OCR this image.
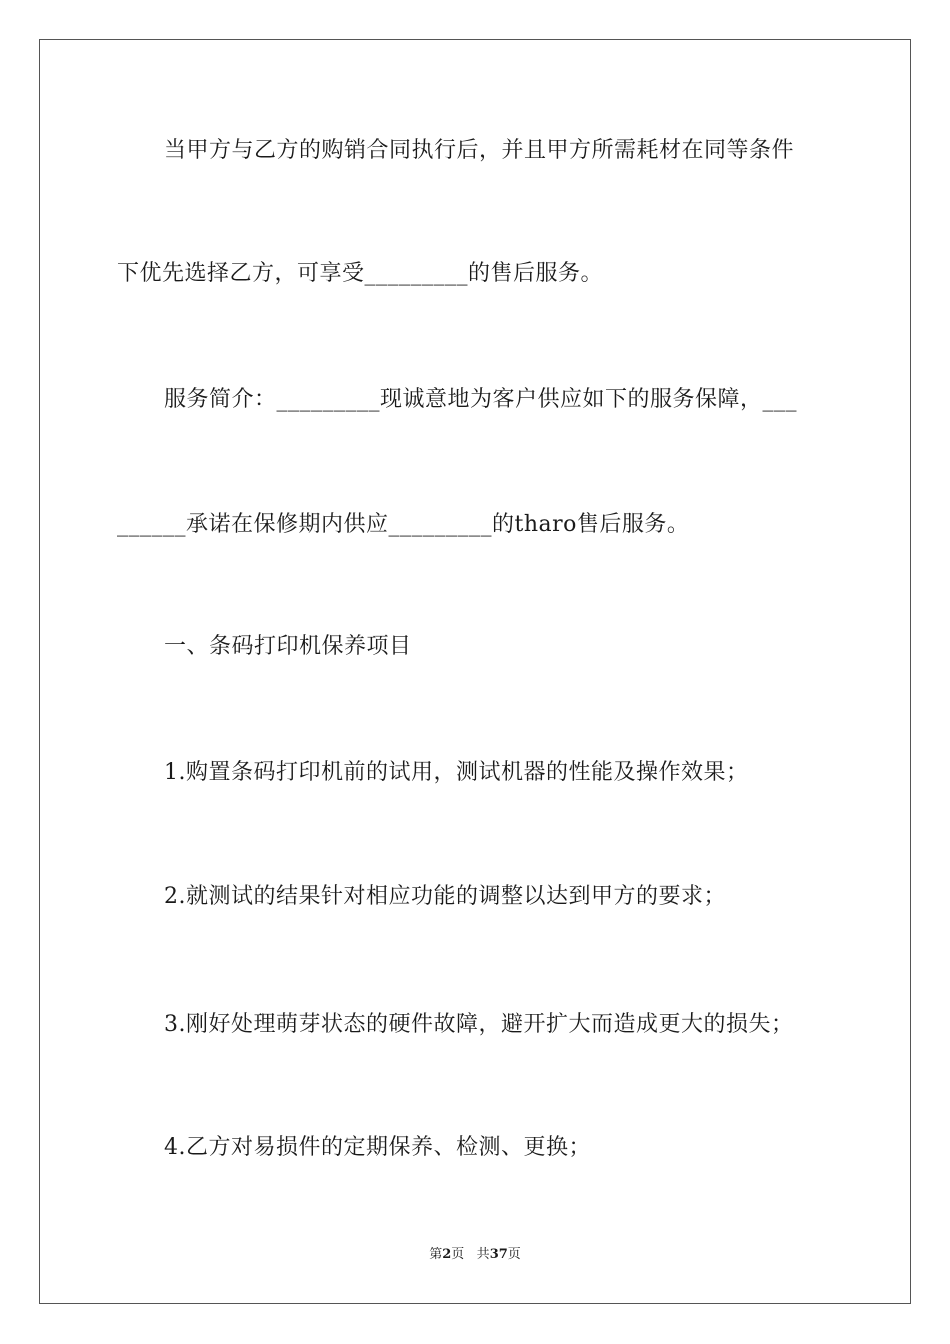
当甲方与乙方的购销合同执行后，并且甲方所需耗材在同等条件
下优先选择乙方，可享受_________的售后服务。
服务简介：_________现诚意地为客户供应如下的服务保障，___
______承诺在保修期内供应_________的tharo售后服务。
一、条码打印机保养项目
1.购置条码打印机前的试用，测试机器的性能及操作效果；
2.就测试的结果针对相应功能的调整以达到甲方的要求；
3.刚好处理萌芽状态的硬件故障，避开扩大而造成更大的损失；
4.乙方对易损件的定期保养、检测、更换；
第2页 共37页
